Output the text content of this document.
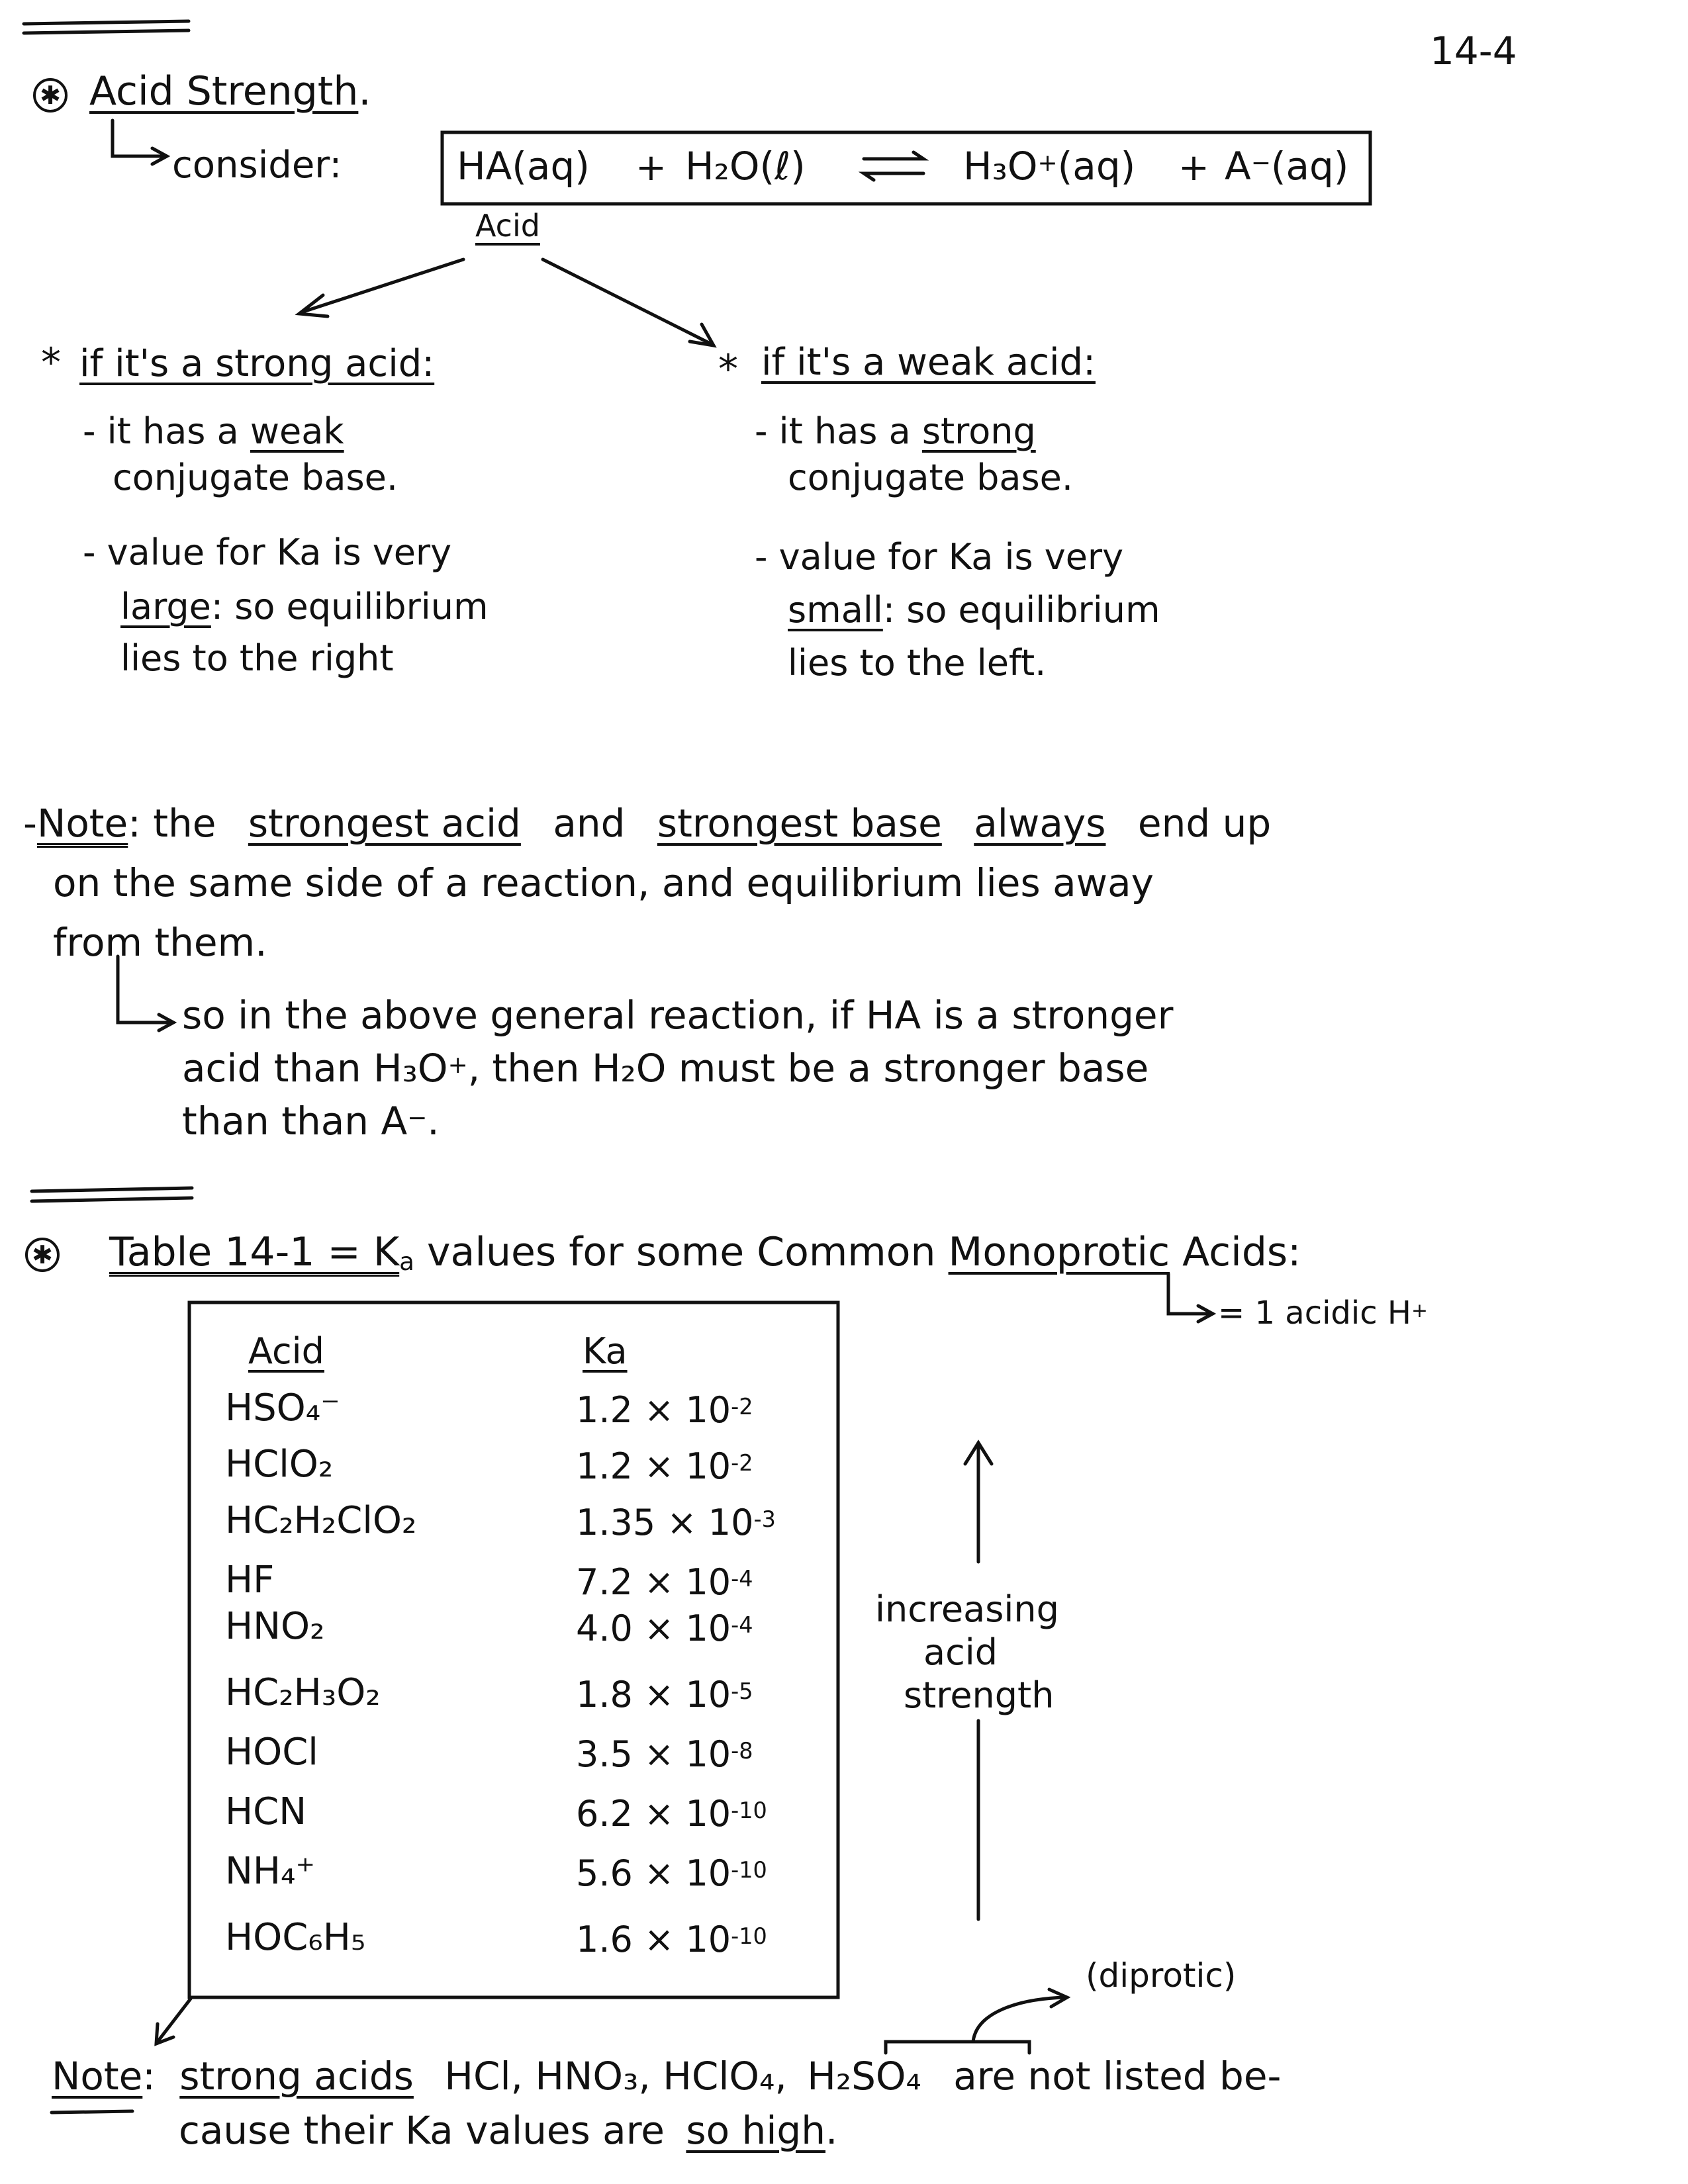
14-4
✱ Acid Strength.
consider:	HA(aq) + H₂O(ℓ)	H₃O+(aq) + A−(aq)
Acid
* if it's a strong acid:
- it has a weak
conjugate base.
- value for Ka is very
large: so equilibrium
lies to the right
* if it's a weak acid:
- it has a strong
conjugate base.
- value for Ka is very
small: so equilibrium
lies to the left.
-Note: the strongest acid and strongest base always end up
on the same side of a reaction, and equilibrium lies away
from them.
so in the above general reaction, if HA is a stronger
acid than H₃O+, then H₂O must be a stronger base
than than A−.
✱ Table $14-1 = K_a$ values for some Common Monoprotic Acids:
= 1 acidic H+
Acid	Ka
HSO₄⁻	$1.2 \times 10^{-2}$
HClO₂	$1.2 \times 10^{-2}$
HC₂H₂ClO₂	$1.35 \times 10^{-3}$
HF	$7.2 \times 10^{-4}$
HNO₂	$4.0 \times 10^{-4}$
HC₂H₃O₂	$1.8 \times 10^{-5}$
HOCl	$3.5 \times 10^{-8}$
HCN	$6.2 \times 10^{-10}$
NH₄⁺	$5.6 \times 10^{-10}$
HOC₆H₅	$1.6 \times 10^{-10}$
increasing
acid
strength
(diprotic)
Note: strong acids HCl, HNO₃, HClO₄, H₂SO₄ are not listed be-
cause their Ka values are so high.
